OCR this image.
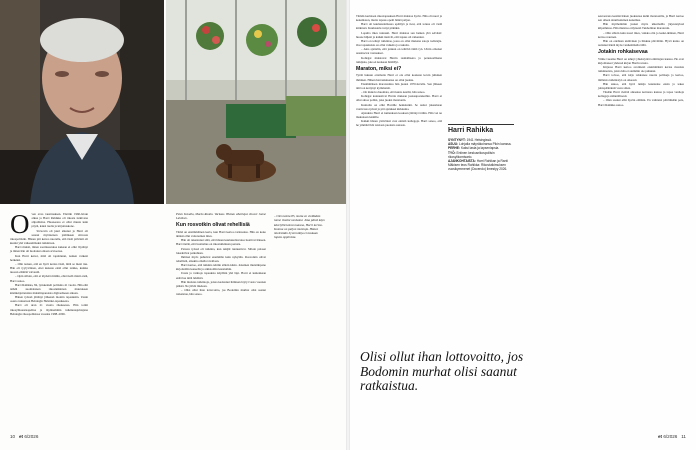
O ven avaa taustrauksen. Elettiin 1960-luvun alkua ja Harri Rahikka oli rikosta tutkivana alipoliisina. Huoneessa ei ollut muuta kuin pöytä, kaksi tuolia ja kirjoituskone.

Sivuovin oli juuri alkanut ja Harri oli saanut myönteisen päätöksen siirrosta rikospoliisiin. Hänen piti kertoa nuorelle, että tästä päivästä oli kuulut yhä vaikeammaksi tutkintaan.

Harri muisti, miten saarinuorukaa kukaan ei ollut löytänyt ja miten hän oli luottanut omaan arvioonsa.

Kun Harri kertoi, mitä oli tapahtunut, nainen vaikeni hetkeksi.

– Olin naisen, että en hyvä kertaa tästä, mitä se meni ties. Hän oli tyytyväinen, ettei kukaan enää ollut tarkka, kuinka nuoren elämää vaivautti.

– Opin silloin, että ei löydetä mitään, ellei tiedä mistä etsiä, Harri sanoo.

Harri Rahikka, 84, työskenteli poliisina 41 vuotta. Hän ehti nähdä suomalaisen rikostutkinnan muutoksen käsinkirjoitetuista muistiinpanoista digitaaliseen aikaan.

Hänen työnsä jättänyt jälkensä moniin tapauksiin. Uusin osasto tunnetaan Helsingin Helsinki-tapauksena.

Harri oli uran 21 vuotta rikoksessa. Hän toimi rikosylikonstaapelina ja myöhemmin tutkinnanjohtajana Helsingin rikospoliisissa vuosina 1988–2006.

Peten Kuvalla, Marko Rautio. Varkaus. Hiekan ulkoilujat. Kuvat: Janne Lahtinen.

Kun rosvotkin olivat rehellisiä

Tämä on ensimmäinen kerta, kun Harri kertoo tarinaansa. Hän on koko ikänsä ollut vaitonainen mies.

Hän oli rakentanut siitä, että hänen kuulusteltavansa luottivat häneen. Harri tietää, että luottamus on rikostutkinnan perusta.

Parasta työssä oli tutkinta, kun tekijät tunnustivat. Silloin palaset loksahtivat paikalleen.

Ihmiset myös puhuivat enemmän kuin nykyään. Rosvotkin olivat rehellisiä, ainakin omalla tavallaan.

Harri kertoo, että tutkinta tehtiin silloin käsin. Jokainen muistiinpano kirjoitettiin koneella ja arkistoitiin kansioihin.

Uusia ja vanhoja tapauksia käydään yhä läpi. Harri ei kuitenkaan enää lue niitä lehdistä.

Hän muistaa tutkintoja, joissa kadonnut ihminen löytyi vasta vuosien päästä. Ne jäivät mieleen.

– Olisi ollut ihan lottovoitto, jos Bodomin murhat olisi saanut ratkaistua, hän sanoo.

– Olen kohta 85, mutta en vieläkään tunne itseäni vanhaksi. Joka päivä käyn kävelyllä koiran kanssa, Harri kertoo. Kotona on paljon muistoja. Hänen mielestään hyvä tutkija ei koskaan lopeta oppimista.
10 et 6/2026

Tämän kertaisen rikostapauksen Harri muistaa hyvin. Hän oli nuori ja kokematon, mutta tapaus opetti häntä paljon.

Harri oli kuulustelemassa epäiltyä ja tiesi, että totuus oli vielä kätkössä. Kuulustelu venyi pitkäksi.

Lopulta mies tunnusti. Harri muistaa sen hetken yhä selvästi: huone hiljeni ja kaikki tiesivät, että tapaus oli ratkennut.

Harri on tehnyt tutkintaa, jossa on ollut mukana satoja todistajia. Osa tapauksista on ollut vaikeita ja raskaita.

– Aina ajattelin, että jonkun on tehtävä tämä työ. Uhrin omaiset ansaitsevat vastaukset.

Kollegat muistavat Harrin rauhallisena ja perusteellisena tutkijana, joka ei koskaan hätäillyt.

Maraton, miksi ei?

Työtä lukuun ottamatta Harri ei ole ollut koskaan kovin julkinen ihminen. Hänen harrastuksensa on ollut juoksu.

Ensimmäisen maratoninsa hän juoksi 1970-luvulla. Sen jälkeen niitä on kertynyt kymmeniä.

– On mukava huomata, että kunto kestää, hän sanoo.

Kollegat kannustivat Harria mukaan juoksuporukoihin. Harri ei ollut ainoa poliisi, joka juoksi maratonin.

Kuntoilu on ollut Harrille henkireikä. Se auttoi jaksamaan vaativassa työssä ja piti ajatukset kirkkaina.

Ajatuksia Harri ei kuitenkaan koskaan jättänyt töihin. Hän vei ne mukanaan lenkille.

Kaikki hänen ystävänsä ovat entisiä kollegoja. Harri sanoo, että he ymmärtävät toisiaan puolesta sanasta.

Harri Rahikka
SYNTYNYT: 1941 Helsingissä.
ASUU: Lohjalla mäyräkoiransa Pikin kanssa.
PERHE: Kaksi lasta ja lapsenlapsia.
TYÖ: Entinen keskusrikospoliisin rikosylikomisario.
AJANKOHTAISTA: Harri Rahikan ja Ranti Mäkisen teos Rahikka: Rikostutkimuksen vuosikymmenet (Docendo) ilmestyy 2026.
Olisi ollut ihan lottovoitto, jos Bodomin murhat olisi saanut ratkaistua.

seuraavana kesänä hänen juoksunsa kulki maratonille, ja Harri kertoo sen olleen ainutlaatuinen kokemus.

Hän myöhemmin juoksi myös ulkomailla järjestetyissä kilpailuissa. Hän muistaa erityisesti Tukholman maratonin.

– Olin silloin kuin nuori mies, vaikka olin jo keski-ikäinen, Harri kertoo nauraen.

Hän on edelleen aktiivinen ja liikkuu päivittäin. Hyvä kunto on auttanut häntä myös vanhemmalla iällä.

Jotakin rohkaisevaa

Viime vuosina Harri on tehnyt yhteistyötä toimittajan kanssa. He ovat kirjoittaneet yhdessä kirjan Harrin urasta.

Kirjassa Harri kertoo avoimesti ensimmäistä kertaa monista tutkinnoista, joista hän ei aiemmin ole puhunut.

Harri toivoo, että kirja rohkaisee nuoria poliiseja ja kertoo, millaista tutkintatyö on oikeasti.

Hän uskoo, että hyvä tutkija kuuntelee ensin ja tekee johtopäätöksiä vasta sitten.

Tänään Harri viettää aikaansa koiransa kanssa ja tapaa vanhoja kollegoja säännöllisesti.

– Olen saanut elää hyvän elämän. En vaihtaisi päivääkään pois, Harri Rahikka sanoo.

et 6/2026 11
